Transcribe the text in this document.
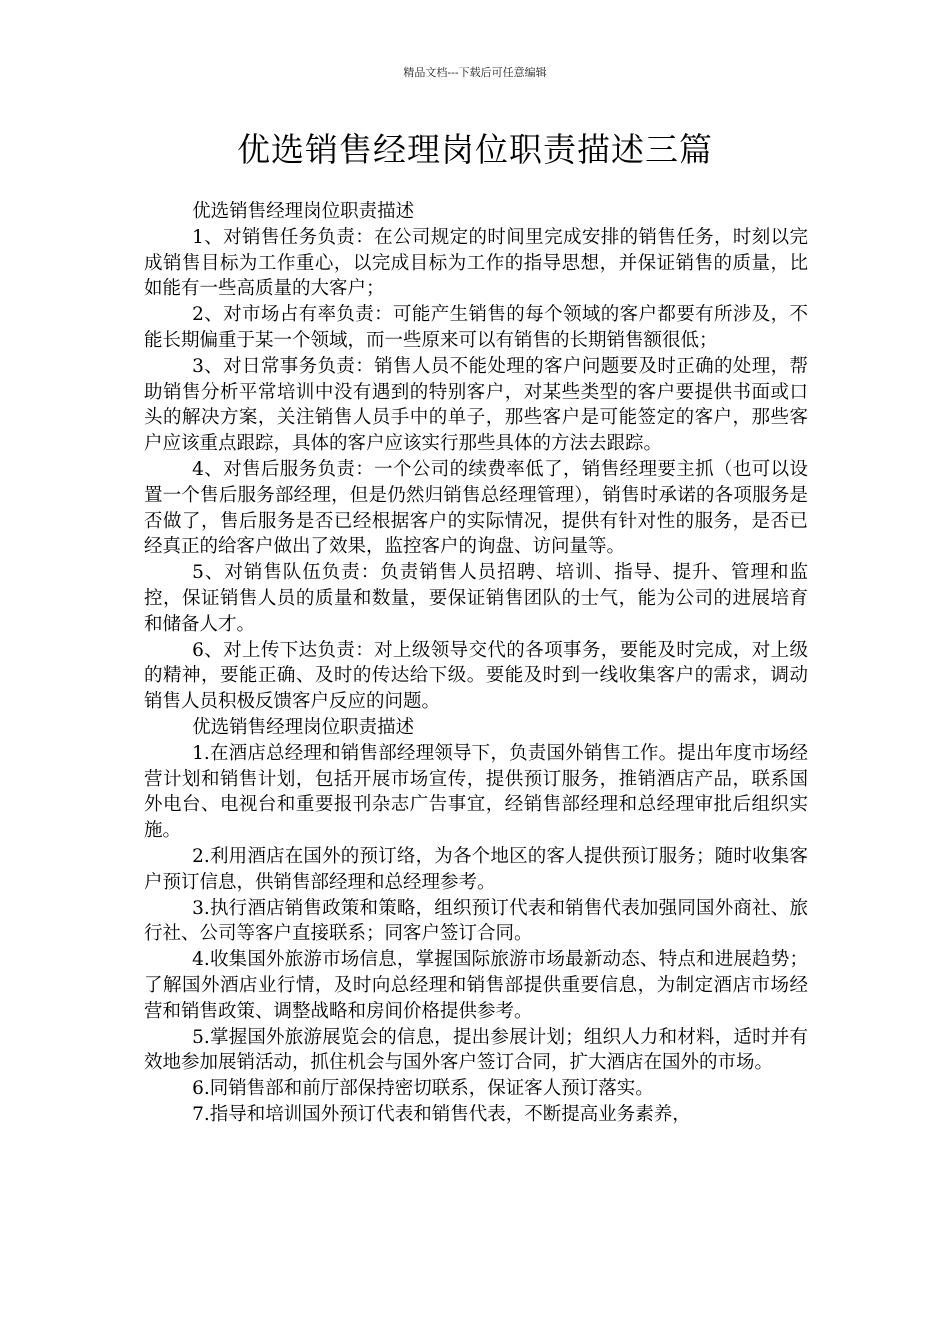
精品文档---下载后可任意编辑
优选销售经理岗位职责描述三篇

优选销售经理岗位职责描述

1、对销售任务负责：在公司规定的时间里完成安排的销售任务，时刻以完成销售目标为工作重心，以完成目标为工作的指导思想，并保证销售的质量，比如能有一些高质量的大客户；

2、对市场占有率负责：可能产生销售的每个领域的客户都要有所涉及，不能长期偏重于某一个领域，而一些原来可以有销售的长期销售额很低；

3、对日常事务负责：销售人员不能处理的客户问题要及时正确的处理，帮助销售分析平常培训中没有遇到的特别客户，对某些类型的客户要提供书面或口头的解决方案，关注销售人员手中的单子，那些客户是可能签定的客户，那些客户应该重点跟踪，具体的客户应该实行那些具体的方法去跟踪。

4、对售后服务负责：一个公司的续费率低了，销售经理要主抓（也可以设置一个售后服务部经理，但是仍然归销售总经理管理），销售时承诺的各项服务是否做了，售后服务是否已经根据客户的实际情况，提供有针对性的服务，是否已经真正的给客户做出了效果，监控客户的询盘、访问量等。

5、对销售队伍负责：负责销售人员招聘、培训、指导、提升、管理和监控，保证销售人员的质量和数量，要保证销售团队的士气，能为公司的进展培育和储备人才。

6、对上传下达负责：对上级领导交代的各项事务，要能及时完成，对上级的精神，要能正确、及时的传达给下级。要能及时到一线收集客户的需求，调动销售人员积极反馈客户反应的问题。

优选销售经理岗位职责描述

1.在酒店总经理和销售部经理领导下，负责国外销售工作。提出年度市场经营计划和销售计划，包括开展市场宣传，提供预订服务，推销酒店产品，联系国外电台、电视台和重要报刊杂志广告事宜，经销售部经理和总经理审批后组织实施。

2.利用酒店在国外的预订络，为各个地区的客人提供预订服务；随时收集客户预订信息，供销售部经理和总经理参考。

3.执行酒店销售政策和策略，组织预订代表和销售代表加强同国外商社、旅行社、公司等客户直接联系；同客户签订合同。

4.收集国外旅游市场信息，掌握国际旅游市场最新动态、特点和进展趋势；了解国外酒店业行情，及时向总经理和销售部提供重要信息，为制定酒店市场经营和销售政策、调整战略和房间价格提供参考。

5.掌握国外旅游展览会的信息，提出参展计划；组织人力和材料，适时并有效地参加展销活动，抓住机会与国外客户签订合同，扩大酒店在国外的市场。

6.同销售部和前厅部保持密切联系，保证客人预订落实。

7.指导和培训国外预订代表和销售代表，不断提高业务素养，
